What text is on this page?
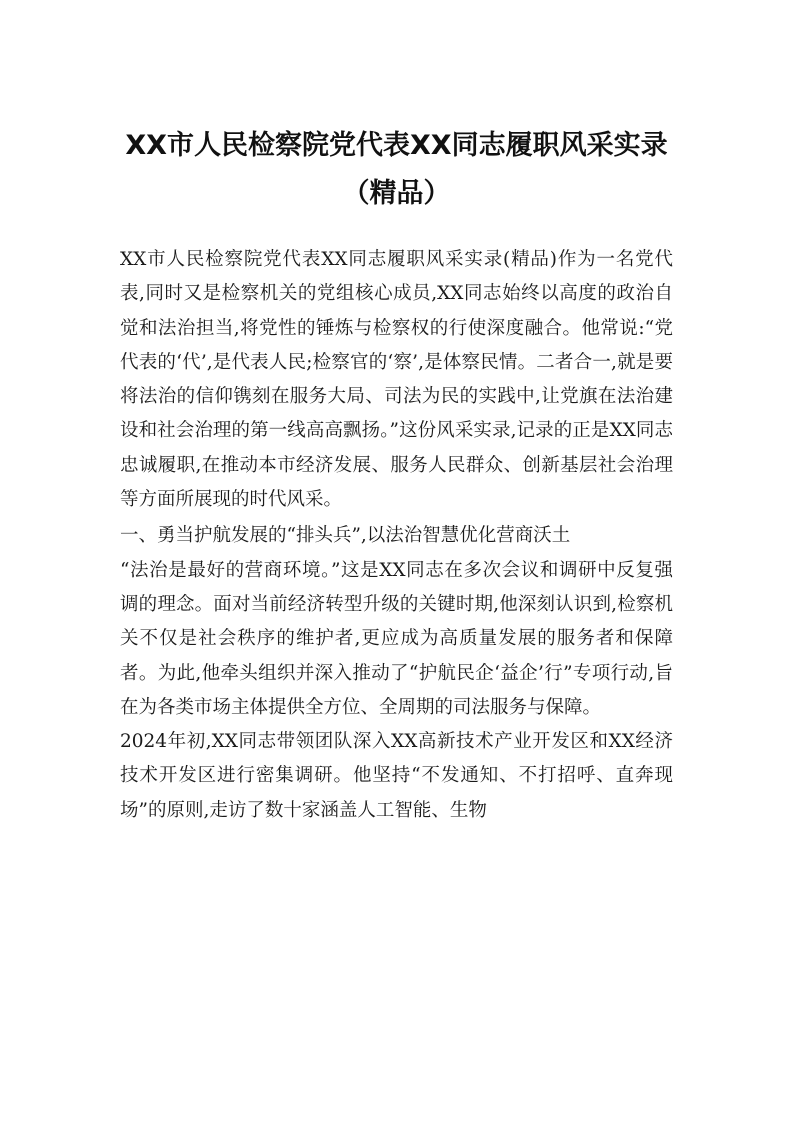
XX市人民检察院党代表XX同志履职风采实录（精品）

XX市人民检察院党代表XX同志履职风采实录(精品)作为一名党代表,同时又是检察机关的党组核心成员,XX同志始终以高度的政治自觉和法治担当,将党性的锤炼与检察权的行使深度融合。他常说:“党代表的‘代’,是代表人民;检察官的‘察’,是体察民情。二者合一,就是要将法治的信仰镌刻在服务大局、司法为民的实践中,让党旗在法治建设和社会治理的第一线高高飘扬。”这份风采实录,记录的正是XX同志忠诚履职,在推动本市经济发展、服务人民群众、创新基层社会治理等方面所展现的时代风采。

一、勇当护航发展的“排头兵”,以法治智慧优化营商沃土

“法治是最好的营商环境。”这是XX同志在多次会议和调研中反复强调的理念。面对当前经济转型升级的关键时期,他深刻认识到,检察机关不仅是社会秩序的维护者,更应成为高质量发展的服务者和保障者。为此,他牵头组织并深入推动了“护航民企‘益企’行”专项行动,旨在为各类市场主体提供全方位、全周期的司法服务与保障。

2024年初,XX同志带领团队深入XX高新技术产业开发区和XX经济技术开发区进行密集调研。他坚持“不发通知、不打招呼、直奔现场”的原则,走访了数十家涵盖人工智能、生物
